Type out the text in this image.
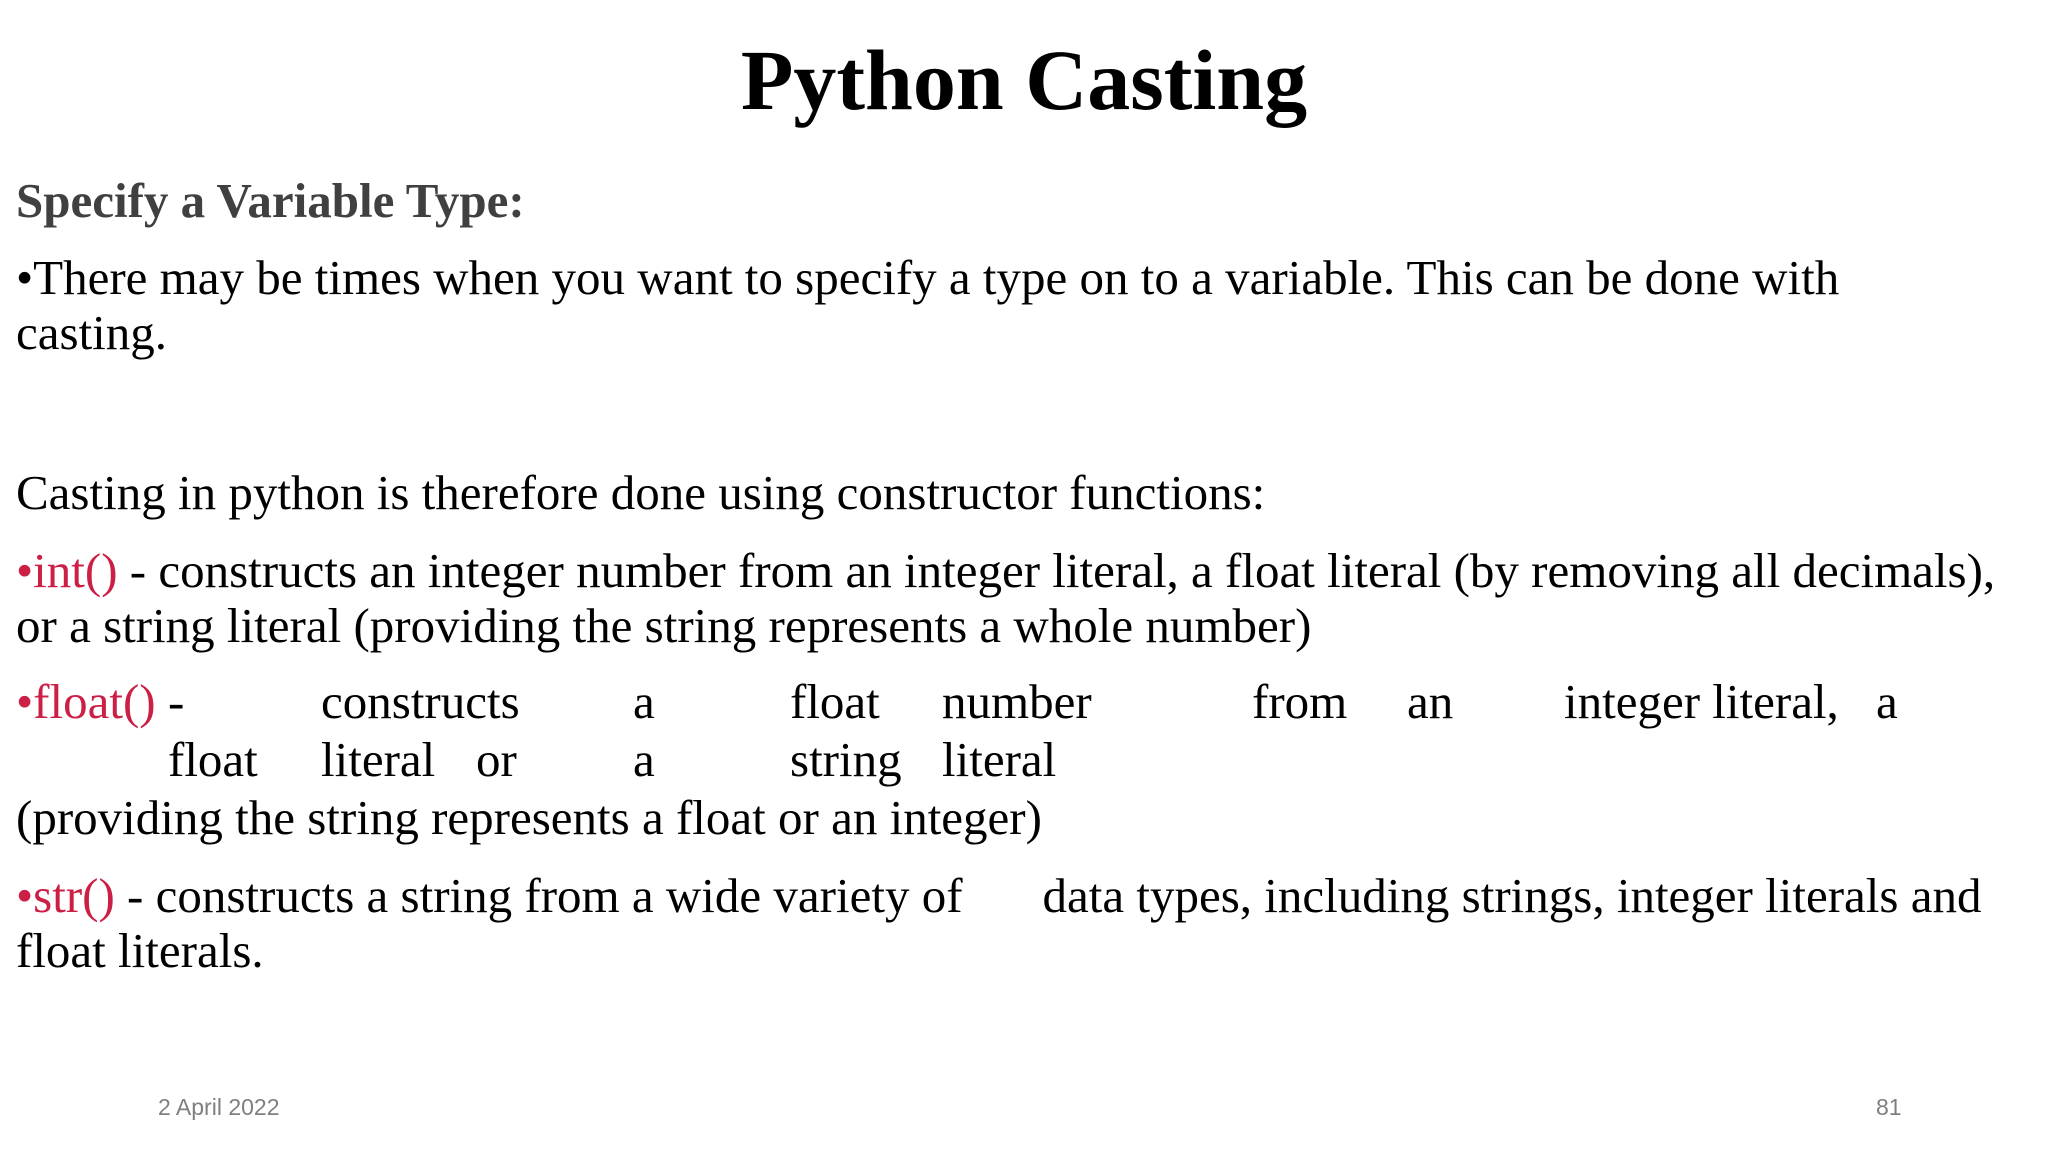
Python Casting
Specify a Variable Type:
•There may be times when you want to specify a type on to a variable. This can be done with casting.
Casting in python is therefore done using constructor functions:
•int() - constructs an integer number from an integer literal, a float literal (by removing all decimals), or a string literal (providing the string represents a whole number)
•float() -	constructs a	float number	from an integer literal, a
float literal or a	string literal
(providing the string represents a float or an integer)
•str() - constructs a string from a wide variety of data types, including strings, integer literals and float literals.
2 April 2022	81
